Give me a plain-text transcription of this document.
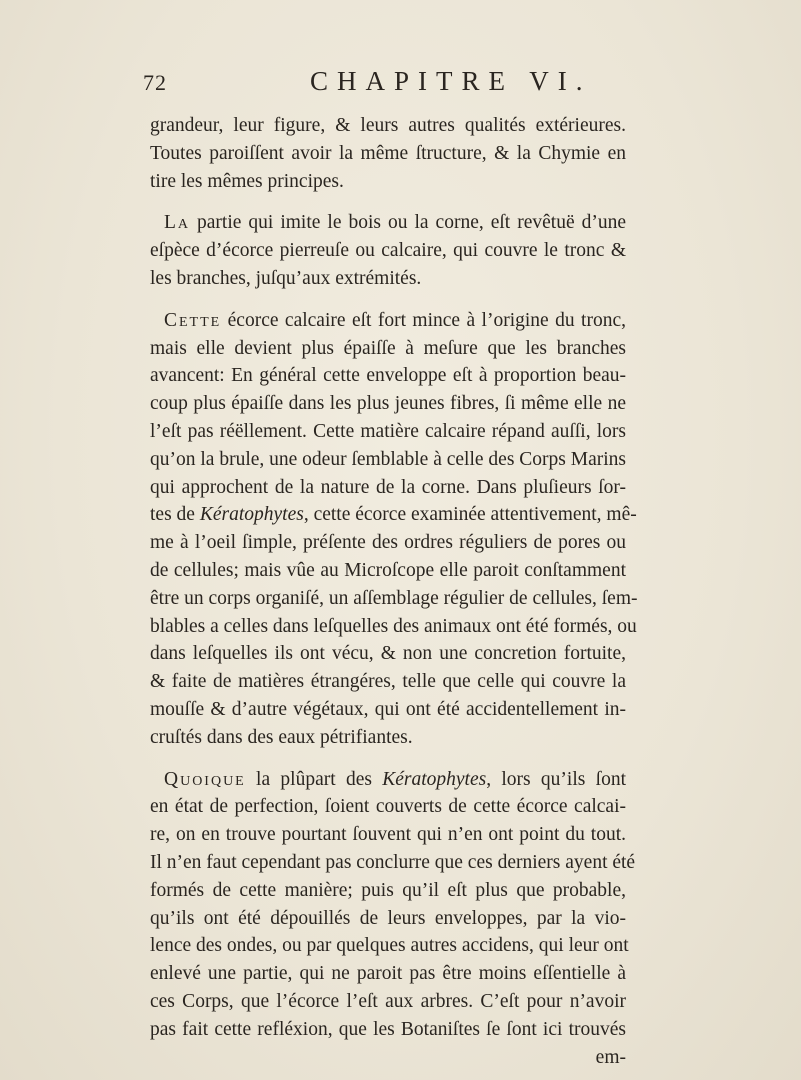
72	CHAPITRE VI.
grandeur, leur figure, & leurs autres qualités extérieures.
Toutes paroiſſent avoir la même ſtructure, & la Chymie en
tire les mêmes principes.
La partie qui imite le bois ou la corne, eſt revêtuë d’une
eſpèce d’écorce pierreuſe ou calcaire, qui couvre le tronc &
les branches, juſqu’aux extrémités.
Cette écorce calcaire eſt fort mince à l’origine du tronc,
mais elle devient plus épaiſſe à meſure que les branches
avancent: En général cette enveloppe eſt à proportion beau-
coup plus épaiſſe dans les plus jeunes fibres, ſi même elle ne
l’eſt pas réëllement. Cette matière calcaire répand auſſi, lors
qu’on la brule, une odeur ſemblable à celle des Corps Marins
qui approchent de la nature de la corne. Dans pluſieurs ſor-
tes de Kératophytes, cette écorce examinée attentivement, mê-
me à l’oeil ſimple, préſente des ordres réguliers de pores ou
de cellules; mais vûe au Microſcope elle paroit conſtamment
être un corps organiſé, un aſſemblage régulier de cellules, ſem-
blables a celles dans leſquelles des animaux ont été formés, ou
dans leſquelles ils ont vécu, & non une concretion fortuite,
& faite de matières étrangéres, telle que celle qui couvre la
mouſſe & d’autre végétaux, qui ont été accidentellement in-
cruſtés dans des eaux pétrifiantes.
Quoique la plûpart des Kératophytes, lors qu’ils ſont
en état de perfection, ſoient couverts de cette écorce calcai-
re, on en trouve pourtant ſouvent qui n’en ont point du tout.
Il n’en faut cependant pas conclurre que ces derniers ayent été
formés de cette manière; puis qu’il eſt plus que probable,
qu’ils ont été dépouillés de leurs enveloppes, par la vio-
lence des ondes, ou par quelques autres accidens, qui leur ont
enlevé une partie, qui ne paroit pas être moins eſſentielle à
ces Corps, que l’écorce l’eſt aux arbres. C’eſt pour n’avoir
pas fait cette refléxion, que les Botaniſtes ſe ſont ici trouvés
em-
